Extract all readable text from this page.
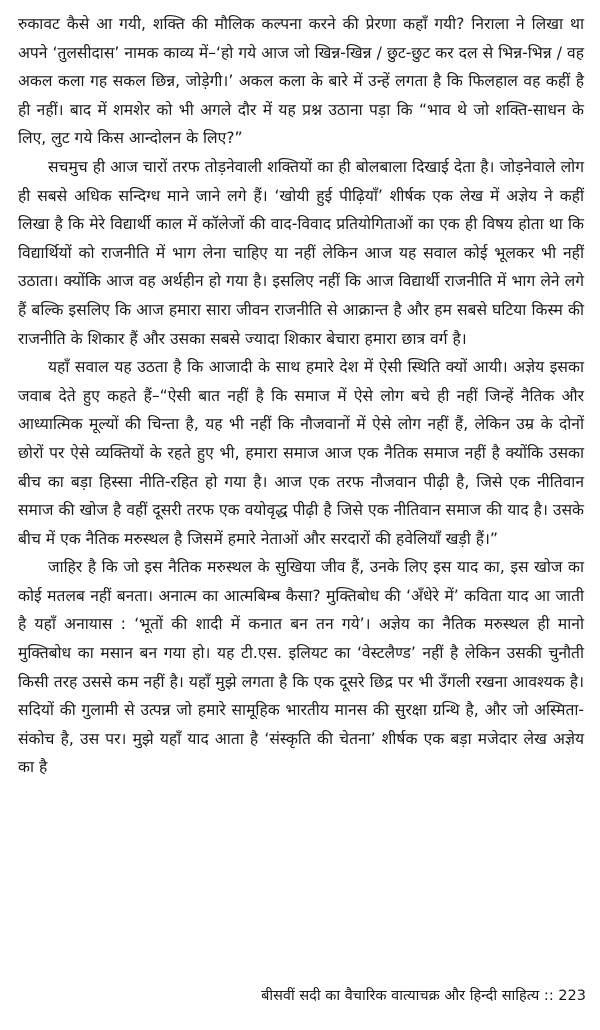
रुकावट कैसे आ गयी, शक्ति की मौलिक कल्पना करने की प्रेरणा कहाँ गयी? निराला ने लिखा था अपने ‘तुलसीदास’ नामक काव्य में–‘हो गये आज जो खिन्न-खिन्न / छुट-छुट कर दल से भिन्न-भिन्न / वह अकल कला गह सकल छिन्न, जोड़ेगी।’ अकल कला के बारे में उन्हें लगता है कि फिलहाल वह कहीं है ही नहीं। बाद में शमशेर को भी अगले दौर में यह प्रश्न उठाना पड़ा कि “भाव थे जो शक्ति-साधन के लिए, लुट गये किस आन्दोलन के लिए?”

सचमुच ही आज चारों तरफ तोड़नेवाली शक्तियों का ही बोलबाला दिखाई देता है। जोड़नेवाले लोग ही सबसे अधिक सन्दिग्ध माने जाने लगे हैं। ‘खोयी हुई पीढ़ियाँ’ शीर्षक एक लेख में अज्ञेय ने कहीं लिखा है कि मेरे विद्यार्थी काल में कॉलेजों की वाद-विवाद प्रतियोगिताओं का एक ही विषय होता था कि विद्यार्थियों को राजनीति में भाग लेना चाहिए या नहीं लेकिन आज यह सवाल कोई भूलकर भी नहीं उठाता। क्योंकि आज वह अर्थहीन हो गया है। इसलिए नहीं कि आज विद्यार्थी राजनीति में भाग लेने लगे हैं बल्कि इसलिए कि आज हमारा सारा जीवन राजनीति से आक्रान्त है और हम सबसे घटिया किस्म की राजनीति के शिकार हैं और उसका सबसे ज्यादा शिकार बेचारा हमारा छात्र वर्ग है।

यहाँ सवाल यह उठता है कि आजादी के साथ हमारे देश में ऐसी स्थिति क्यों आयी। अज्ञेय इसका जवाब देते हुए कहते हैं–“ऐसी बात नहीं है कि समाज में ऐसे लोग बचे ही नहीं जिन्हें नैतिक और आध्यात्मिक मूल्यों की चिन्ता है, यह भी नहीं कि नौजवानों में ऐसे लोग नहीं हैं, लेकिन उम्र के दोनों छोरों पर ऐसे व्यक्तियों के रहते हुए भी, हमारा समाज आज एक नैतिक समाज नहीं है क्योंकि उसका बीच का बड़ा हिस्सा नीति-रहित हो गया है। आज एक तरफ नौजवान पीढ़ी है, जिसे एक नीतिवान समाज की खोज है वहीं दूसरी तरफ एक वयोवृद्ध पीढ़ी है जिसे एक नीतिवान समाज की याद है। उसके बीच में एक नैतिक मरुस्थल है जिसमें हमारे नेताओं और सरदारों की हवेलियाँ खड़ी हैं।”

जाहिर है कि जो इस नैतिक मरुस्थल के सुखिया जीव हैं, उनके लिए इस याद का, इस खोज का कोई मतलब नहीं बनता। अनात्म का आत्मबिम्ब कैसा? मुक्तिबोध की ‘अँधेरे में’ कविता याद आ जाती है यहाँ अनायास : ‘भूतों की शादी में कनात बन तन गये’। अज्ञेय का नैतिक मरुस्थल ही मानो मुक्तिबोध का मसान बन गया हो। यह टी.एस. इलियट का ‘वेस्टलैण्ड’ नहीं है लेकिन उसकी चुनौती किसी तरह उससे कम नहीं है। यहाँ मुझे लगता है कि एक दूसरे छिद्र पर भी उँगली रखना आवश्यक है। सदियों की गुलामी से उत्पन्न जो हमारे सामूहिक भारतीय मानस की सुरक्षा ग्रन्थि है, और जो अस्मिता-संकोच है, उस पर। मुझे यहाँ याद आता है ‘संस्कृति की चेतना’ शीर्षक एक बड़ा मजेदार लेख अज्ञेय का है

बीसवीं सदी का वैचारिक वात्याचक्र और हिन्दी साहित्य :: 223
